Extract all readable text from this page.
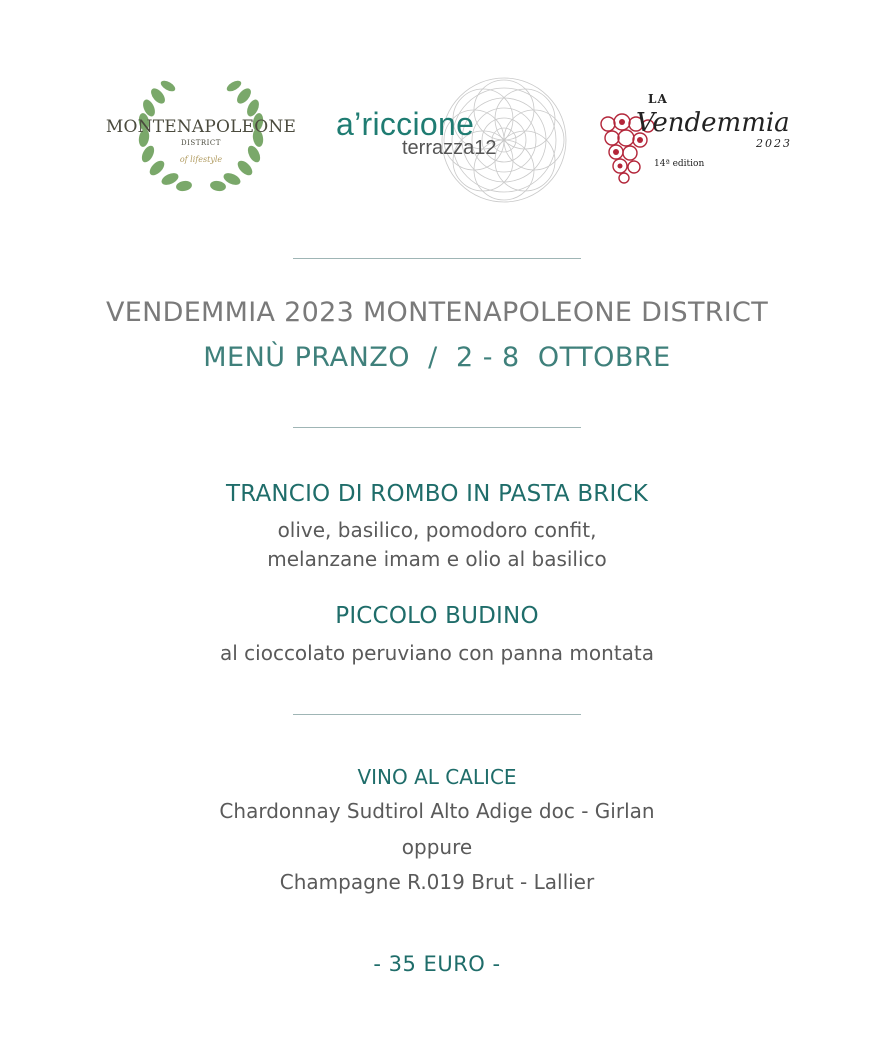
MONTENAPOLEONE
DISTRICT
of lifestyle
a’riccione
terrazza12
LA
Vendemmia
2023
14ª edition
VENDEMMIA 2023 MONTENAPOLEONE DISTRICT
MENÙ PRANZO  /  2 - 8  OTTOBRE
TRANCIO DI ROMBO IN PASTA BRICK
olive, basilico, pomodoro confit,
melanzane imam e olio al basilico
PICCOLO BUDINO
al cioccolato peruviano con panna montata
VINO AL CALICE
Chardonnay Sudtirol Alto Adige doc - Girlan
oppure
Champagne R.019 Brut - Lallier
- 35 EURO -
